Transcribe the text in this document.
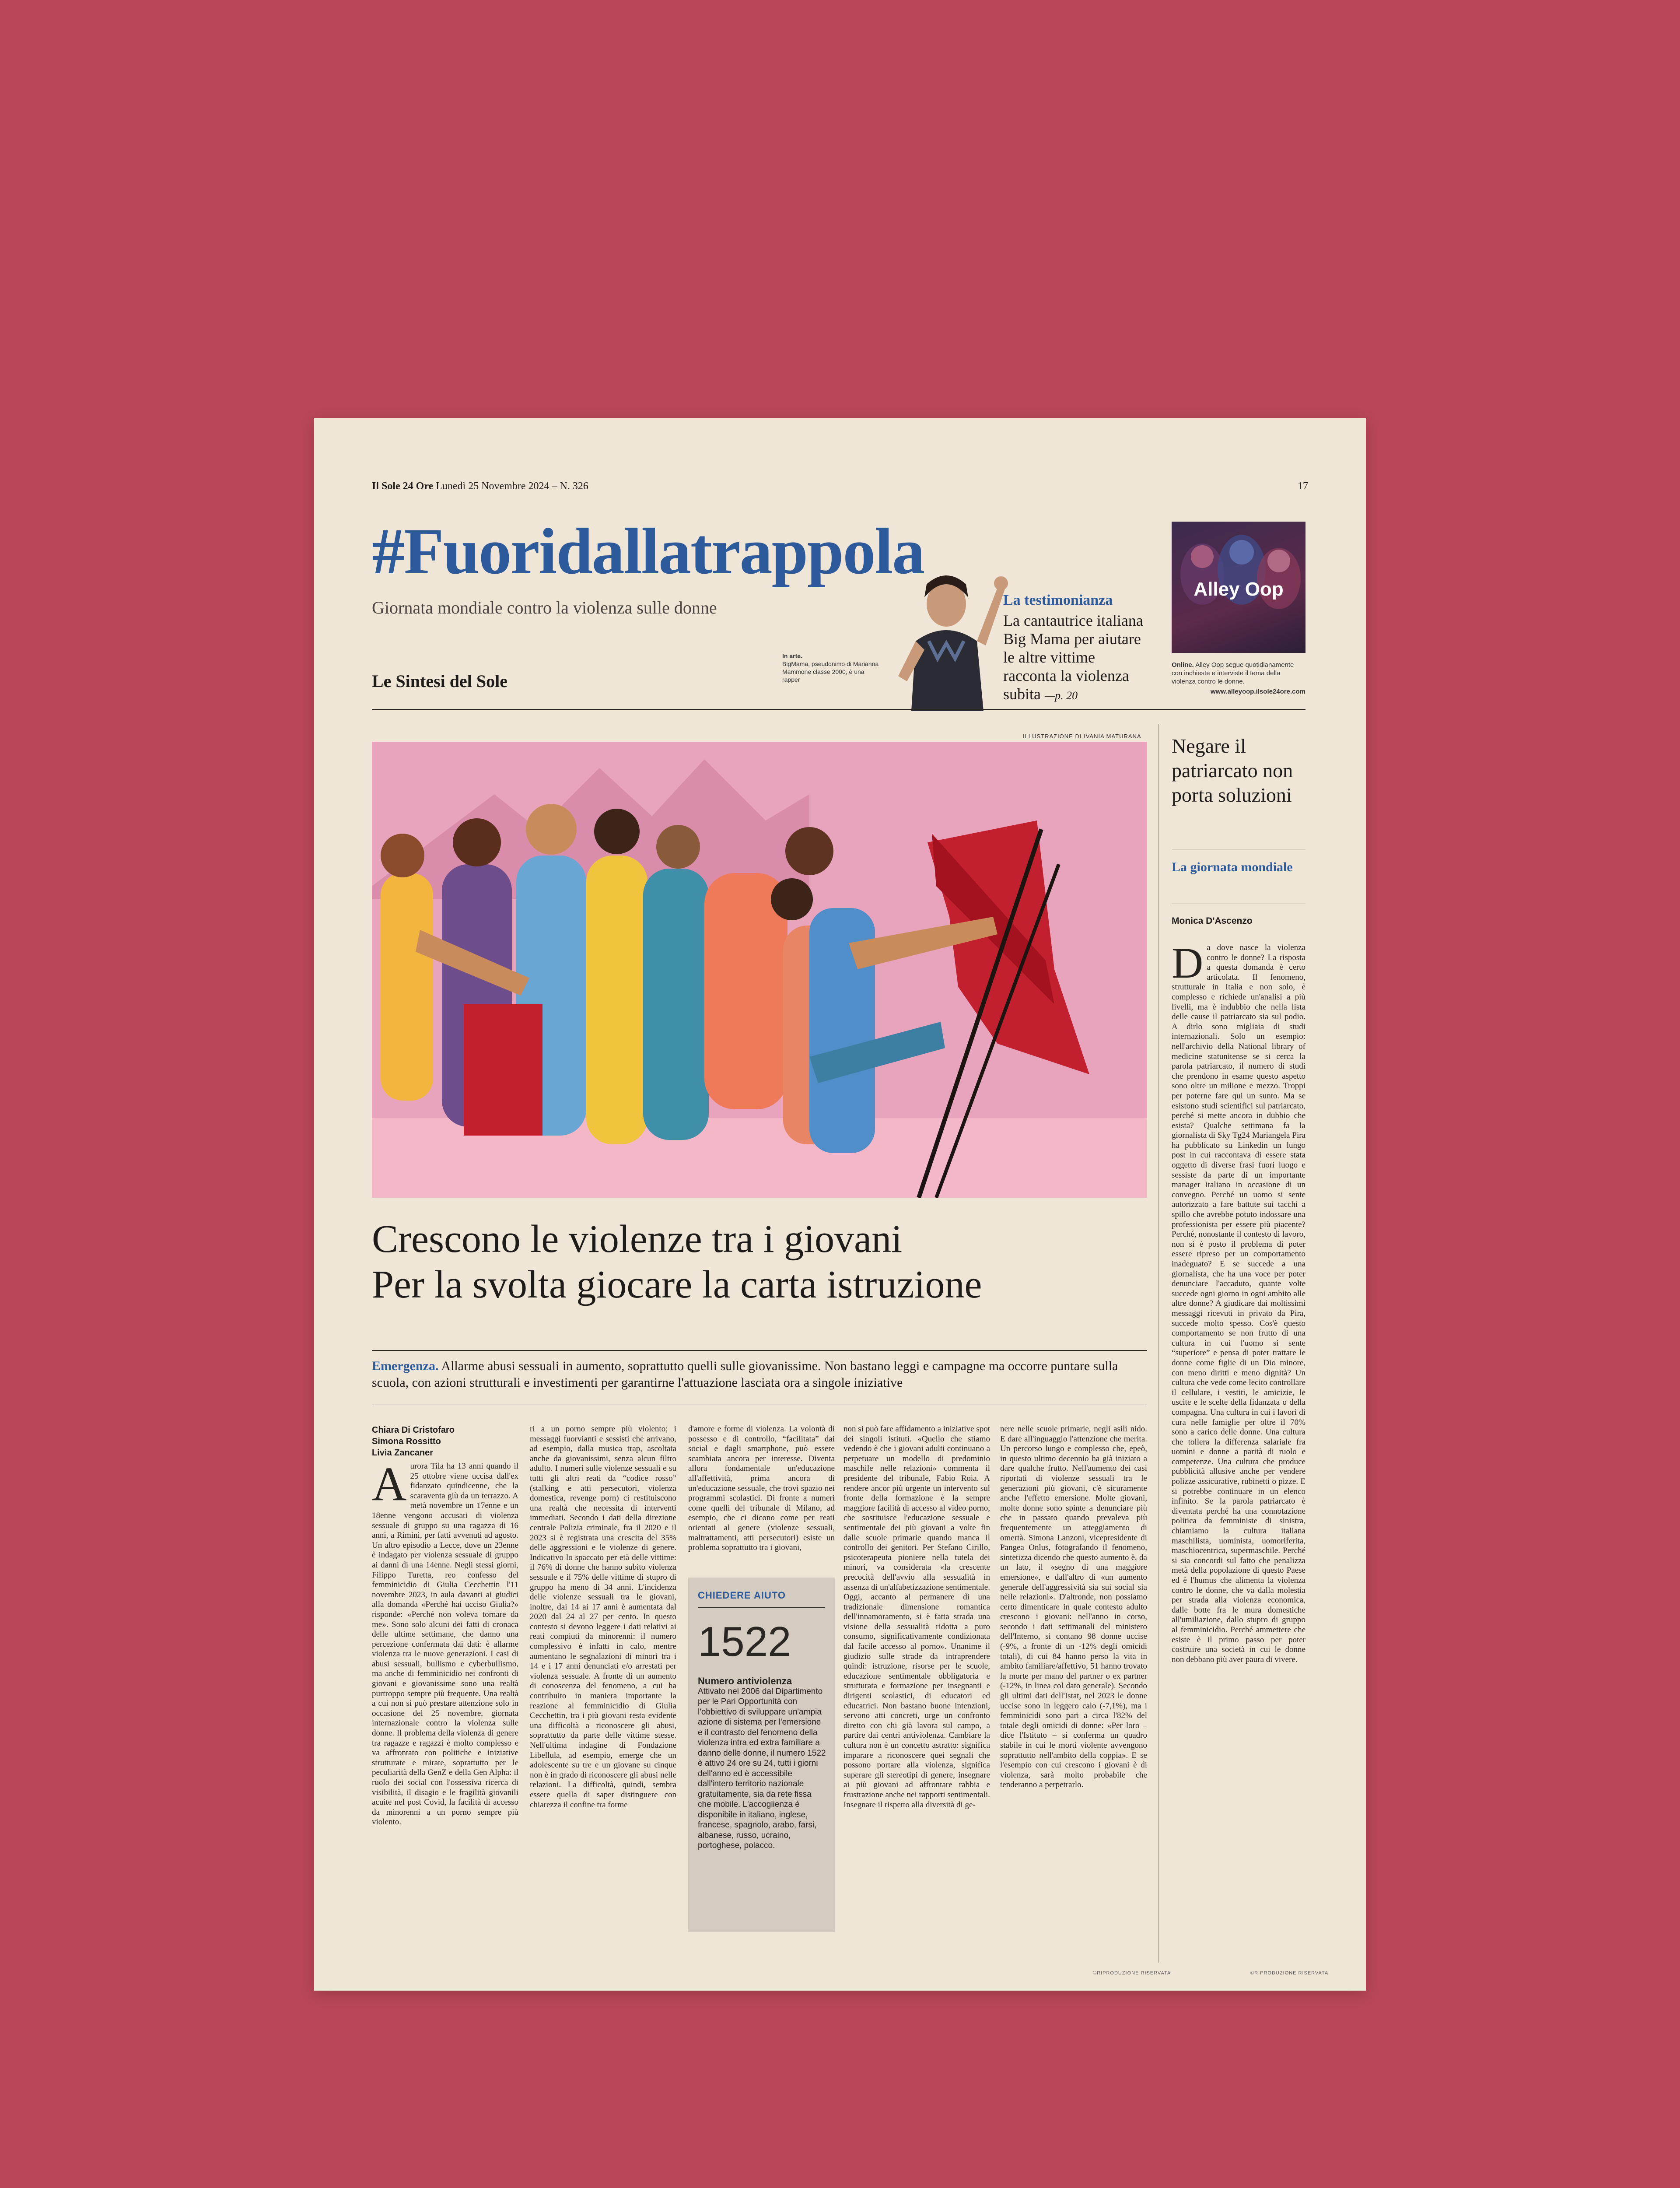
Il Sole 24 Ore Lunedì 25 Novembre 2024 – N. 326	17
#Fuoridallatrappola
Giornata mondiale contro la violenza sulle donne
Le Sintesi del Sole
In arte.
BigMama, pseudonimo di Marianna Mammone classe 2000, è una rapper
La testimonianza
La cantautrice italiana Big Mama per aiutare le altre vittime racconta la violenza subita —p. 20
Alley Oop
Online. Alley Oop segue quotidianamente con inchieste e interviste il tema della violenza contro le donne.
www.alleyoop.ilsole24ore.com
ILLUSTRAZIONE DI IVANIA MATURANA
Crescono le violenze tra i giovani
Per la svolta giocare la carta istruzione
Emergenza. Allarme abusi sessuali in aumento, soprattutto quelli sulle giovanissime. Non bastano leggi e campagne ma occorre puntare sulla scuola, con azioni strutturali e investimenti per garantirne l'attuazione lasciata ora a singole iniziative
Chiara Di Cristofaro
Simona Rossitto
Livia Zancaner
Aurora Tila ha 13 anni quando il 25 ottobre viene uccisa dall'ex fidanzato quindicenne, che la scaraventa giù da un terrazzo. A metà novembre un 17enne e un 18enne vengono accusati di violenza sessuale di gruppo su una ragazza di 16 anni, a Rimini, per fatti avvenuti ad agosto. Un altro episodio a Lecce, dove un 23enne è indagato per violenza sessuale di gruppo ai danni di una 14enne. Negli stessi giorni, Filippo Turetta, reo confesso del femminicidio di Giulia Cecchettin l'11 novembre 2023, in aula davanti ai giudici alla domanda «Perché hai ucciso Giulia?» risponde: «Perché non voleva tornare da me». Sono solo alcuni dei fatti di cronaca delle ultime settimane, che danno una percezione confermata dai dati: è allarme violenza tra le nuove generazioni. I casi di abusi sessuali, bullismo e cyberbullismo, ma anche di femminicidio nei confronti di giovani e giovanissime sono una realtà purtroppo sempre più frequente. Una realtà a cui non si può prestare attenzione solo in occasione del 25 novembre, giornata internazionale contro la violenza sulle donne. Il problema della violenza di genere tra ragazze e ragazzi è molto complesso e va affrontato con politiche e iniziative strutturate e mirate, soprattutto per le peculiarità della GenZ e della Gen Alpha: il ruolo dei social con l'ossessiva ricerca di visibilità, il disagio e le fragilità giovanili acuite nel post Covid, la facilità di accesso da minorenni a un porno sempre più violento.
ri a un porno sempre più violento; i messaggi fuorvianti e sessisti che arrivano, ad esempio, dalla musica trap, ascoltata anche da giovanissimi, senza alcun filtro adulto. I numeri sulle violenze sessuali e su tutti gli altri reati da “codice rosso” (stalking e atti persecutori, violenza domestica, revenge porn) ci restituiscono una realtà che necessita di interventi immediati. Secondo i dati della direzione centrale Polizia criminale, fra il 2020 e il 2023 si è registrata una crescita del 35% delle aggressioni e le violenze di genere. Indicativo lo spaccato per età delle vittime: il 76% di donne che hanno subito violenza sessuale e il 75% delle vittime di stupro di gruppo ha meno di 34 anni. L'incidenza delle violenze sessuali tra le giovani, inoltre, dai 14 ai 17 anni è aumentata dal 2020 dal 24 al 27 per cento. In questo contesto si devono leggere i dati relativi ai reati compiuti da minorenni: il numero complessivo è infatti in calo, mentre aumentano le segnalazioni di minori tra i 14 e i 17 anni denunciati e/o arrestati per violenza sessuale. A fronte di un aumento di conoscenza del fenomeno, a cui ha contribuito in maniera importante la reazione al femminicidio di Giulia Cecchettin, tra i più giovani resta evidente una difficoltà a riconoscere gli abusi, soprattutto da parte delle vittime stesse. Nell'ultima indagine di Fondazione Libellula, ad esempio, emerge che un adolescente su tre e un giovane su cinque non è in grado di riconoscere gli abusi nelle relazioni. La difficoltà, quindi, sembra essere quella di saper distinguere con chiarezza il confine tra forme
d'amore e forme di violenza. La volontà di possesso e di controllo, “facilitata” dai social e dagli smartphone, può essere scambiata ancora per interesse. Diventa allora fondamentale un'educazione all'affettività, prima ancora di un'educazione sessuale, che trovi spazio nei programmi scolastici. Di fronte a numeri come quelli del tribunale di Milano, ad esempio, che ci dicono come per reati orientati al genere (violenze sessuali, maltrattamenti, atti persecutori) esiste un problema soprattutto tra i giovani,
CHIEDERE AIUTO
1522
Numero antiviolenza
Attivato nel 2006 dal Dipartimento per le Pari Opportunità con l'obbiettivo di sviluppare un'ampia azione di sistema per l'emersione e il contrasto del fenomeno della violenza intra ed extra familiare a danno delle donne, il numero 1522 è attivo 24 ore su 24, tutti i giorni dell'anno ed è accessibile dall'intero territorio nazionale gratuitamente, sia da rete fissa che mobile. L'accoglienza è disponibile in italiano, inglese, francese, spagnolo, arabo, farsi, albanese, russo, ucraino, portoghese, polacco.
non si può fare affidamento a iniziative spot dei singoli istituti. «Quello che stiamo vedendo è che i giovani adulti continuano a perpetuare un modello di predominio maschile nelle relazioni» commenta il presidente del tribunale, Fabio Roia. A rendere ancor più urgente un intervento sul fronte della formazione è la sempre maggiore facilità di accesso al video porno, che sostituisce l'educazione sessuale e sentimentale dei più giovani a volte fin dalle scuole primarie quando manca il controllo dei genitori. Per Stefano Cirillo, psicoterapeuta pioniere nella tutela dei minori, va considerata «la crescente precocità dell'avvio alla sessualità in assenza di un'alfabetizzazione sentimentale. Oggi, accanto al permanere di una tradizionale dimensione romantica dell'innamoramento, si è fatta strada una visione della sessualità ridotta a puro consumo, significativamente condizionata dal facile accesso al porno». Unanime il giudizio sulle strade da intraprendere quindi: istruzione, risorse per le scuole, educazione sentimentale obbligatoria e strutturata e formazione per insegnanti e dirigenti scolastici, di educatori ed educatrici. Non bastano buone intenzioni, servono atti concreti, urge un confronto diretto con chi già lavora sul campo, a partire dai centri antiviolenza. Cambiare la cultura non è un concetto astratto: significa imparare a riconoscere quei segnali che possono portare alla violenza, significa superare gli stereotipi di genere, insegnare ai più giovani ad affrontare rabbia e frustrazione anche nei rapporti sentimentali. Insegnare il rispetto alla diversità di ge-
nere nelle scuole primarie, negli asili nido. E dare all'inguaggio l'attenzione che merita. Un percorso lungo e complesso che, epeò, in questo ultimo decennio ha già iniziato a dare qualche frutto. Nell'aumento dei casi riportati di violenze sessuali tra le generazioni più giovani, c'è sicuramente anche l'effetto emersione. Molte giovani, molte donne sono spinte a denunciare più che in passato quando prevaleva più frequentemente un atteggiamento di omertà. Simona Lanzoni, vicepresidente di Pangea Onlus, fotografando il fenomeno, sintetizza dicendo che questo aumento è, da un lato, il «segno di una maggiore emersione», e dall'altro di «un aumento generale dell'aggressività sia sui social sia nelle relazioni». D'altronde, non possiamo certo dimenticare in quale contesto adulto crescono i giovani: nell'anno in corso, secondo i dati settimanali del ministero dell'Interno, si contano 98 donne uccise (-9%, a fronte di un -12% degli omicidi totali), di cui 84 hanno perso la vita in ambito familiare/affettivo, 51 hanno trovato la morte per mano del partner o ex partner (-12%, in linea col dato generale). Secondo gli ultimi dati dell'Istat, nel 2023 le donne uccise sono in leggero calo (-7,1%), ma i femminicidi sono pari a circa l'82% del totale degli omicidi di donne: «Per loro – dice l'Istituto – si conferma un quadro stabile in cui le morti violente avvengono soprattutto nell'ambito della coppia». E se l'esempio con cui crescono i giovani è di violenza, sarà molto probabile che tenderanno a perpetrarlo.
©RIPRODUZIONE RISERVATA
Negare il patriarcato non porta soluzioni
La giornata mondiale
Monica D'Ascenzo
Da dove nasce la violenza contro le donne? La risposta a questa domanda è certo articolata. Il fenomeno, strutturale in Italia e non solo, è complesso e richiede un'analisi a più livelli, ma è indubbio che nella lista delle cause il patriarcato sia sul podio. A dirlo sono migliaia di studi internazionali. Solo un esempio: nell'archivio della National library of medicine statunitense se si cerca la parola patriarcato, il numero di studi che prendono in esame questo aspetto sono oltre un milione e mezzo. Troppi per poterne fare qui un sunto. Ma se esistono studi scientifici sul patriarcato, perché si mette ancora in dubbio che esista? Qualche settimana fa la giornalista di Sky Tg24 Mariangela Pira ha pubblicato su Linkedin un lungo post in cui raccontava di essere stata oggetto di diverse frasi fuori luogo e sessiste da parte di un importante manager italiano in occasione di un convegno. Perché un uomo si sente autorizzato a fare battute sui tacchi a spillo che avrebbe potuto indossare una professionista per essere più piacente? Perché, nonostante il contesto di lavoro, non si è posto il problema di poter essere ripreso per un comportamento inadeguato? E se succede a una giornalista, che ha una voce per poter denunciare l'accaduto, quante volte succede ogni giorno in ogni ambito alle altre donne? A giudicare dai moltissimi messaggi ricevuti in privato da Pira, succede molto spesso. Cos'è questo comportamento se non frutto di una cultura in cui l'uomo si sente “superiore” e pensa di poter trattare le donne come figlie di un Dio minore, con meno diritti e meno dignità? Un cultura che vede come lecito controllare il cellulare, i vestiti, le amicizie, le uscite e le scelte della fidanzata o della compagna. Una cultura in cui i lavori di cura nelle famiglie per oltre il 70% sono a carico delle donne. Una cultura che tollera la differenza salariale fra uomini e donne a parità di ruolo e competenze. Una cultura che produce pubblicità allusive anche per vendere polizze assicurative, rubinetti o pizze. E si potrebbe continuare in un elenco infinito. Se la parola patriarcato è diventata perché ha una connotazione politica da femministe di sinistra, chiamiamo la cultura italiana maschilista, uominista, uomoriferita, maschiocentrica, supermaschile. Perché si sia concordi sul fatto che penalizza metà della popolazione di questo Paese ed è l'humus che alimenta la violenza contro le donne, che va dalla molestia per strada alla violenza economica, dalle botte fra le mura domestiche all'umiliazione, dallo stupro di gruppo al femminicidio. Perché ammettere che esiste è il primo passo per poter costruire una società in cui le donne non debbano più aver paura di vivere.
©RIPRODUZIONE RISERVATA
